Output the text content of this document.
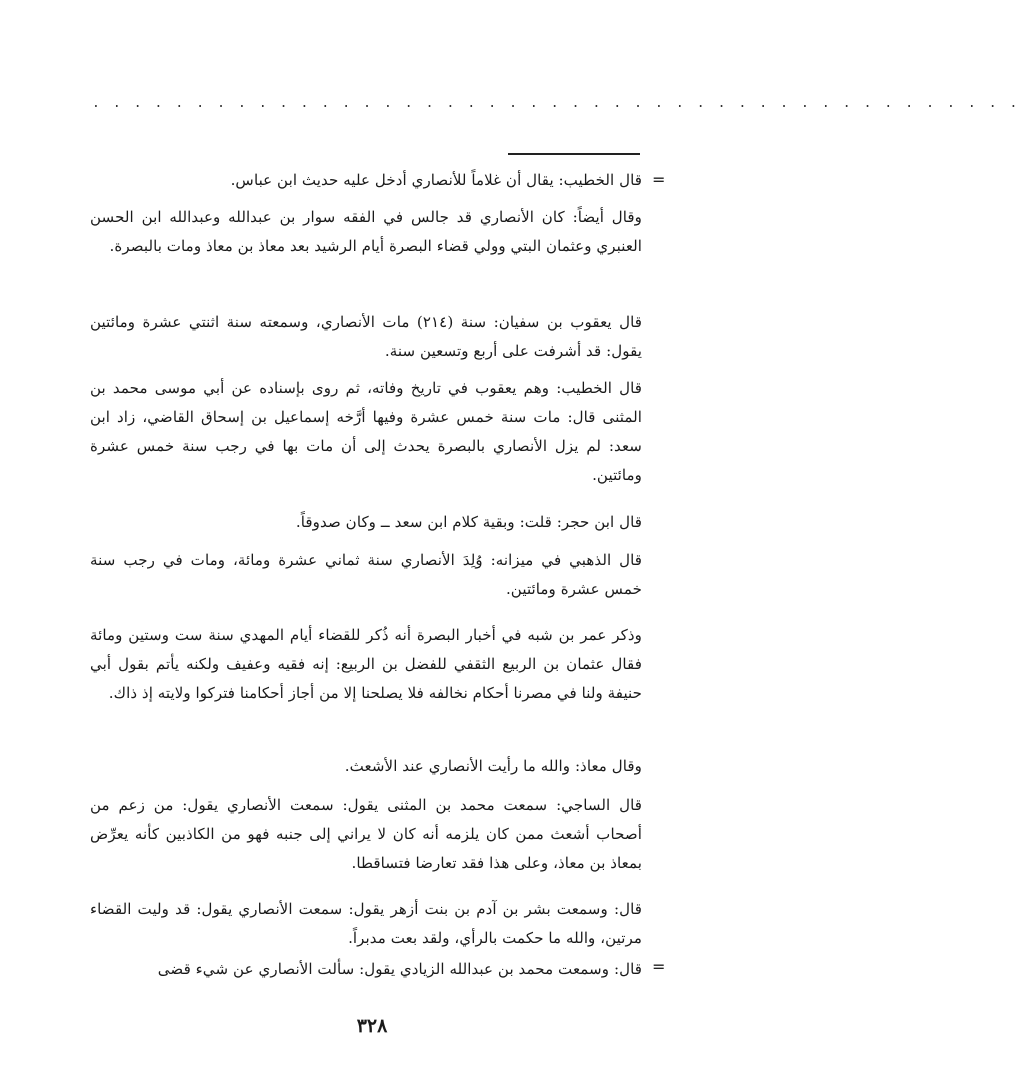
. . . . . . . . . . . . . . . . . . . . . . . . . . . . . . . . . . . . . . . . . . . . .
=
=

قال الخطيب: يقال أن غلاماً للأنصاري أدخل عليه حديث ابن عباس.

وقال أيضاً: كان الأنصاري قد جالس في الفقه سوار بن عبدالله وعبدالله ابن الحسن العنبري وعثمان البتي وولي قضاء البصرة أيام الرشيد بعد معاذ بن معاذ ومات بالبصرة.

قال يعقوب بن سفيان: سنة (٢١٤) مات الأنصاري، وسمعته سنة اثنتي عشرة ومائتين يقول: قد أشرفت على أربع وتسعين سنة.

قال الخطيب: وهم يعقوب في تاريخ وفاته، ثم روى بإسناده عن أبي موسى محمد بن المثنى قال: مات سنة خمس عشرة وفيها أرَّخه إسماعيل بن إسحاق القاضي، زاد ابن سعد: لم يزل الأنصاري بالبصرة يحدث إلى أن مات بها في رجب سنة خمس عشرة ومائتين.

قال ابن حجر: قلت: وبقية كلام ابن سعد ــ وكان صدوقاً.

قال الذهبي في ميزانه: وُلِدَ الأنصاري سنة ثماني عشرة ومائة، ومات في رجب سنة خمس عشرة ومائتين.

وذكر عمر بن شبه في أخبار البصرة أنه ذُكر للقضاء أيام المهدي سنة ست وستين ومائة فقال عثمان بن الربيع الثقفي للفضل بن الربيع: إنه فقيه وعفيف ولكنه يأتم بقول أبي حنيفة ولنا في مصرنا أحكام نخالفه فلا يصلحنا إلا من أجاز أحكامنا فتركوا ولايته إذ ذاك.

وقال معاذ: والله ما رأيت الأنصاري عند الأشعث.

قال الساجي: سمعت محمد بن المثنى يقول: سمعت الأنصاري يقول: من زعم من أصحاب أشعث ممن كان يلزمه أنه كان لا يراني إلى جنبه فهو من الكاذبين كأنه يعرِّض بمعاذ بن معاذ، وعلى هذا فقد تعارضا فتساقطا.

قال: وسمعت بشر بن آدم بن بنت أزهر يقول: سمعت الأنصاري يقول: قد وليت القضاء مرتين، والله ما حكمت بالرأي، ولقد بعت مدبراً.

قال: وسمعت محمد بن عبدالله الزيادي يقول: سألت الأنصاري عن شيء قضى

٣٢٨
